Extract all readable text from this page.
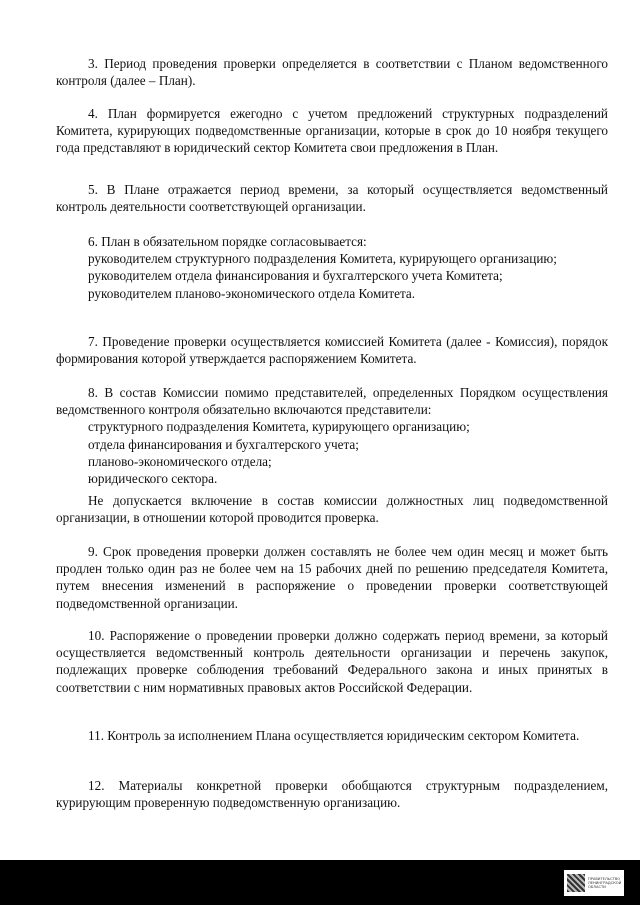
3. Период проведения проверки определяется в соответствии с Планом ведомственного контроля (далее – План).

4. План формируется ежегодно с учетом предложений структурных подразделений Комитета, курирующих подведомственные организации, которые в срок до 10 ноября текущего года представляют в юридический сектор Комитета свои предложения в План.

5. В Плане отражается период времени, за который осуществляется ведомственный контроль деятельности соответствующей организации.

6. План в обязательном порядке согласовывается:
руководителем структурного подразделения Комитета, курирующего организацию;
руководителем отдела финансирования и бухгалтерского учета Комитета;
руководителем планово-экономического отдела Комитета.

7. Проведение проверки осуществляется комиссией Комитета (далее - Комиссия), порядок формирования которой утверждается распоряжением Комитета.

8. В состав Комиссии помимо представителей, определенных Порядком осуществления ведомственного контроля обязательно включаются представители:
структурного подразделения Комитета, курирующего организацию;
отдела финансирования и бухгалтерского учета;
планово-экономического отдела;
юридического сектора.

Не допускается включение в состав комиссии должностных лиц подведомственной организации, в отношении которой проводится проверка.

9. Срок проведения проверки должен составлять не более чем один месяц и может быть продлен только один раз не более чем на 15 рабочих дней по решению председателя Комитета, путем внесения изменений в распоряжение о проведении проверки соответствующей подведомственной организации.

10. Распоряжение о проведении проверки должно содержать период времени, за который осуществляется ведомственный контроль деятельности организации и перечень закупок, подлежащих проверке соблюдения требований Федерального закона и иных принятых в соответствии с ним нормативных правовых актов Российской Федерации.

11. Контроль за исполнением Плана осуществляется юридическим сектором Комитета.

12. Материалы конкретной проверки обобщаются структурным подразделением, курирующим проверенную подведомственную организацию.

ПРАВИТЕЛЬСТВО ЛЕНИНГРАДСКОЙ ОБЛАСТИ
